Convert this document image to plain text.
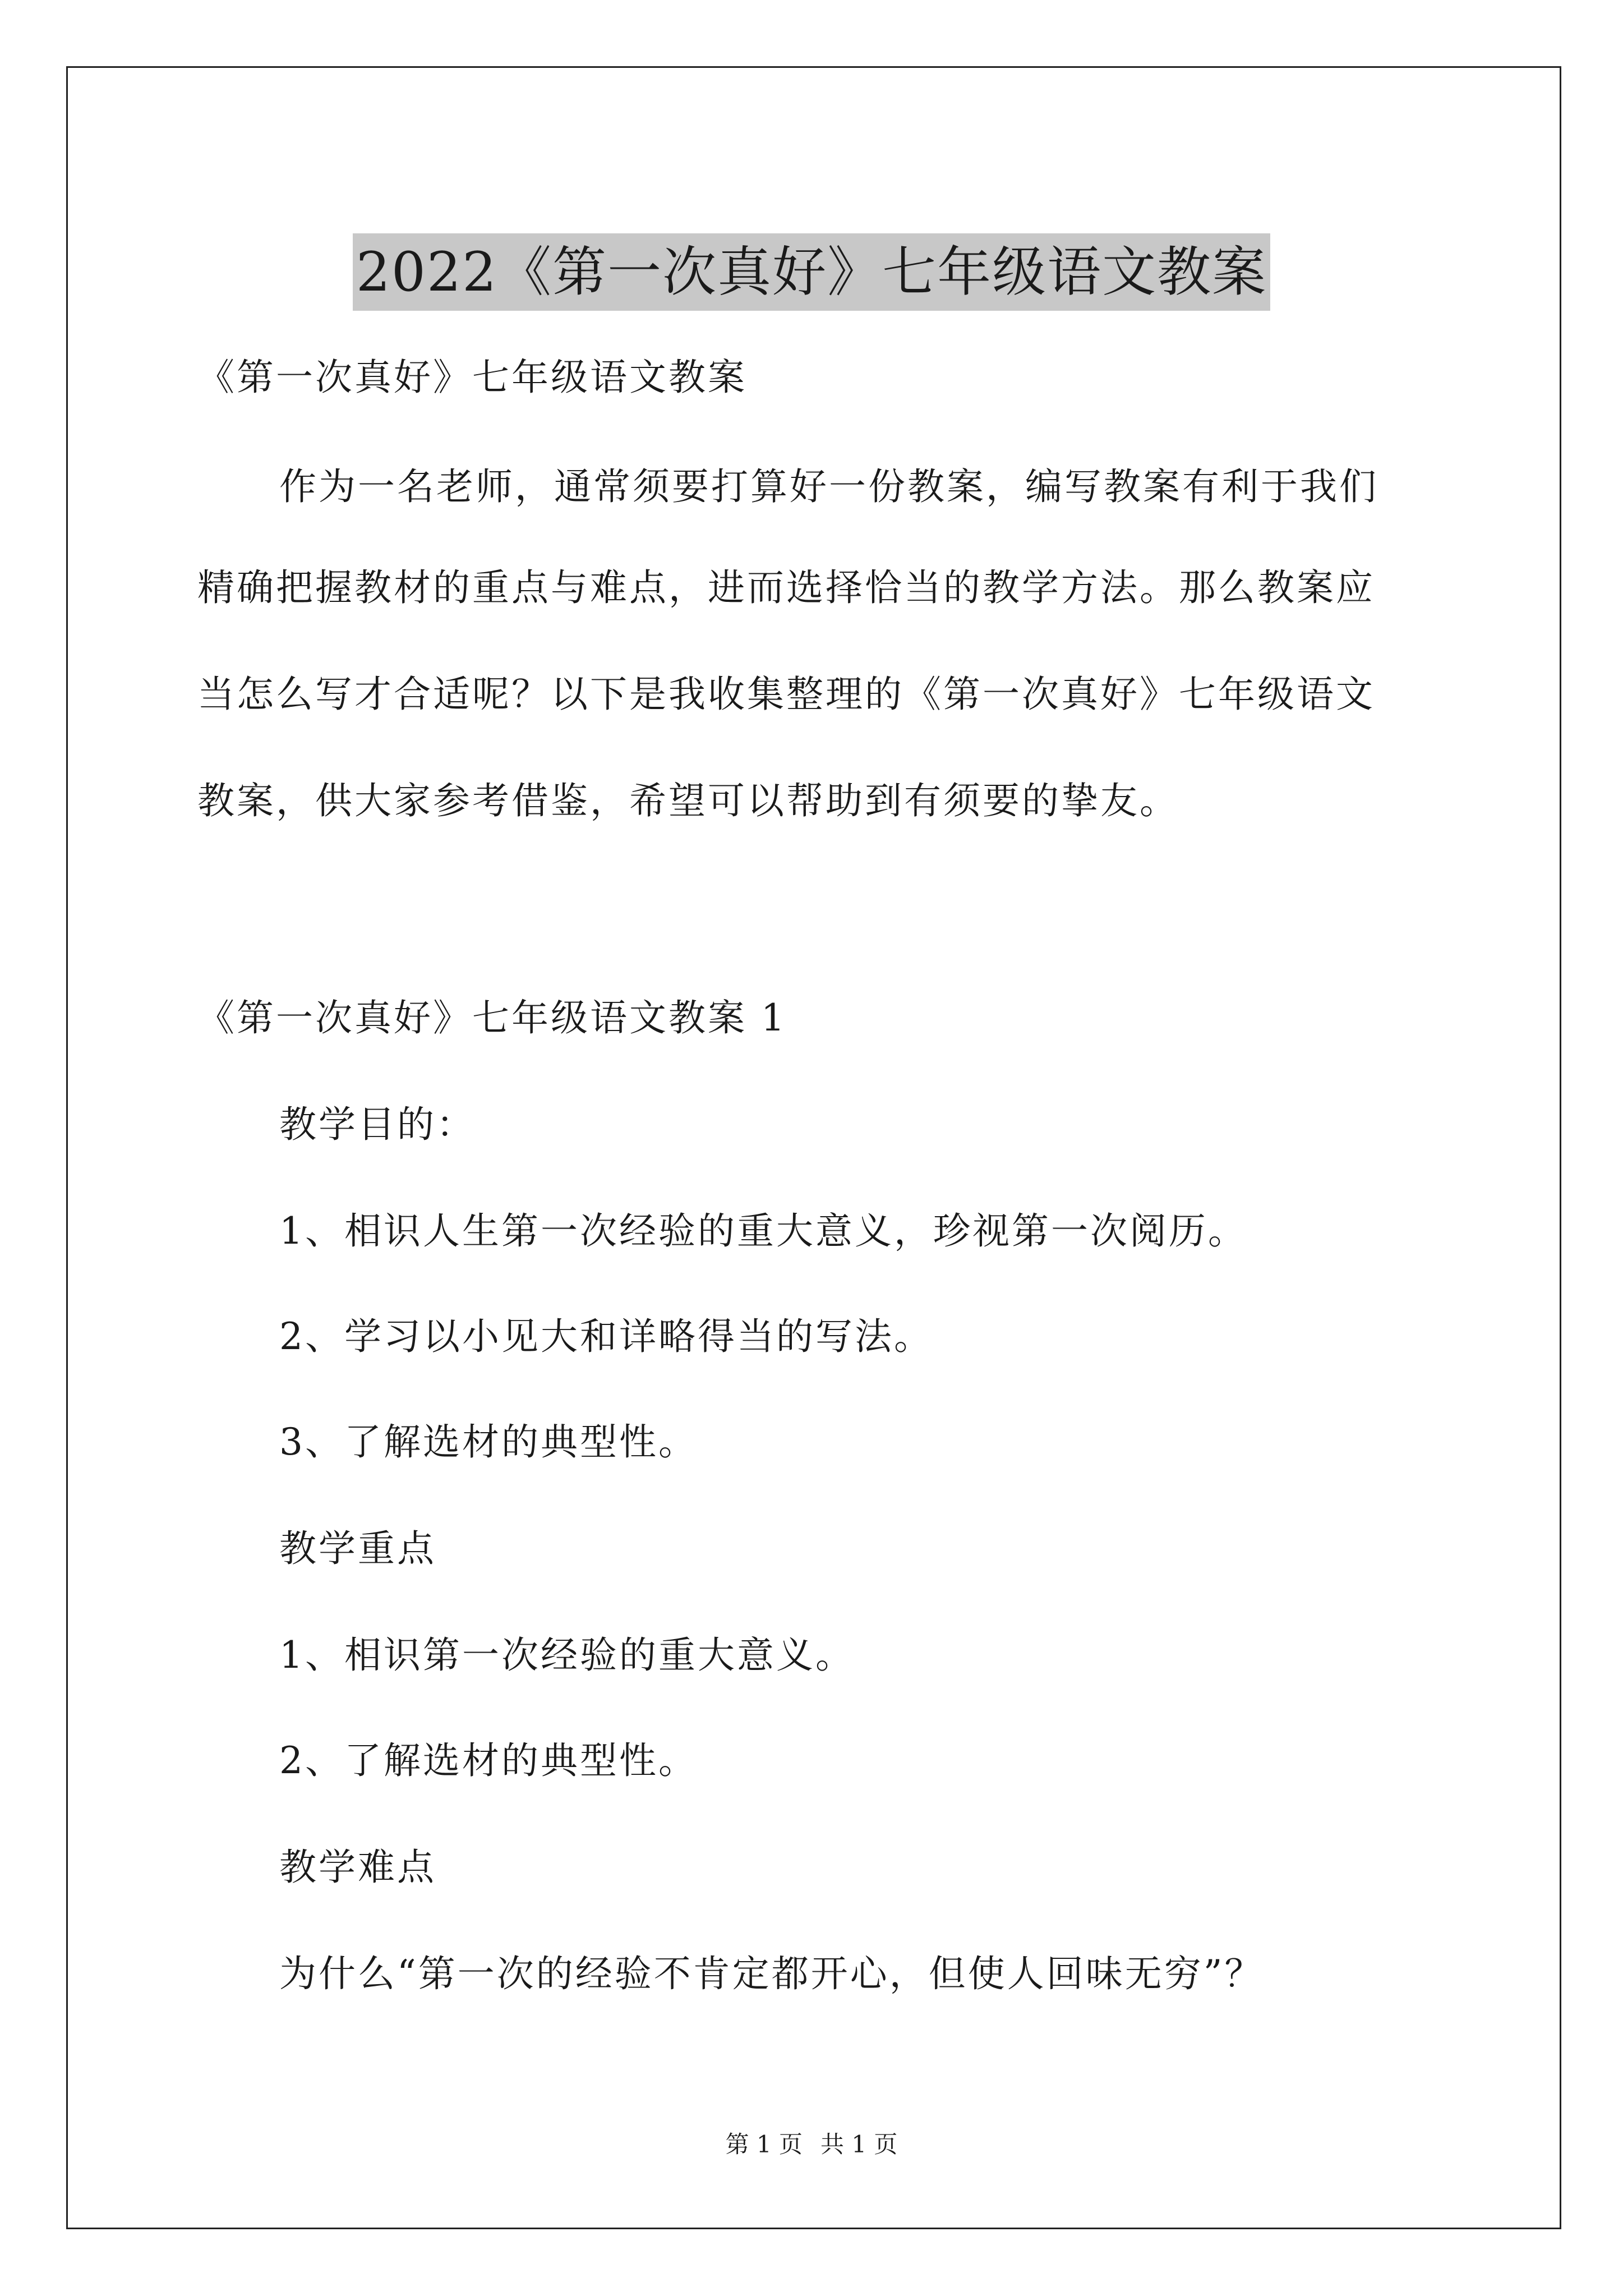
2022《第一次真好》七年级语文教案
《第一次真好》七年级语文教案
作为一名老师，通常须要打算好一份教案，编写教案有利于我们
精确把握教材的重点与难点，进而选择恰当的教学方法。那么教案应
当怎么写才合适呢？以下是我收集整理的《第一次真好》七年级语文
教案，供大家参考借鉴，希望可以帮助到有须要的挚友。
《第一次真好》七年级语文教案 1
教学目的：
1、相识人生第一次经验的重大意义，珍视第一次阅历。
2、学习以小见大和详略得当的写法。
3、了解选材的典型性。
教学重点
1、相识第一次经验的重大意义。
2、了解选材的典型性。
教学难点
为什么“第一次的经验不肯定都开心，但使人回味无穷”？
第 1 页 共 1 页
